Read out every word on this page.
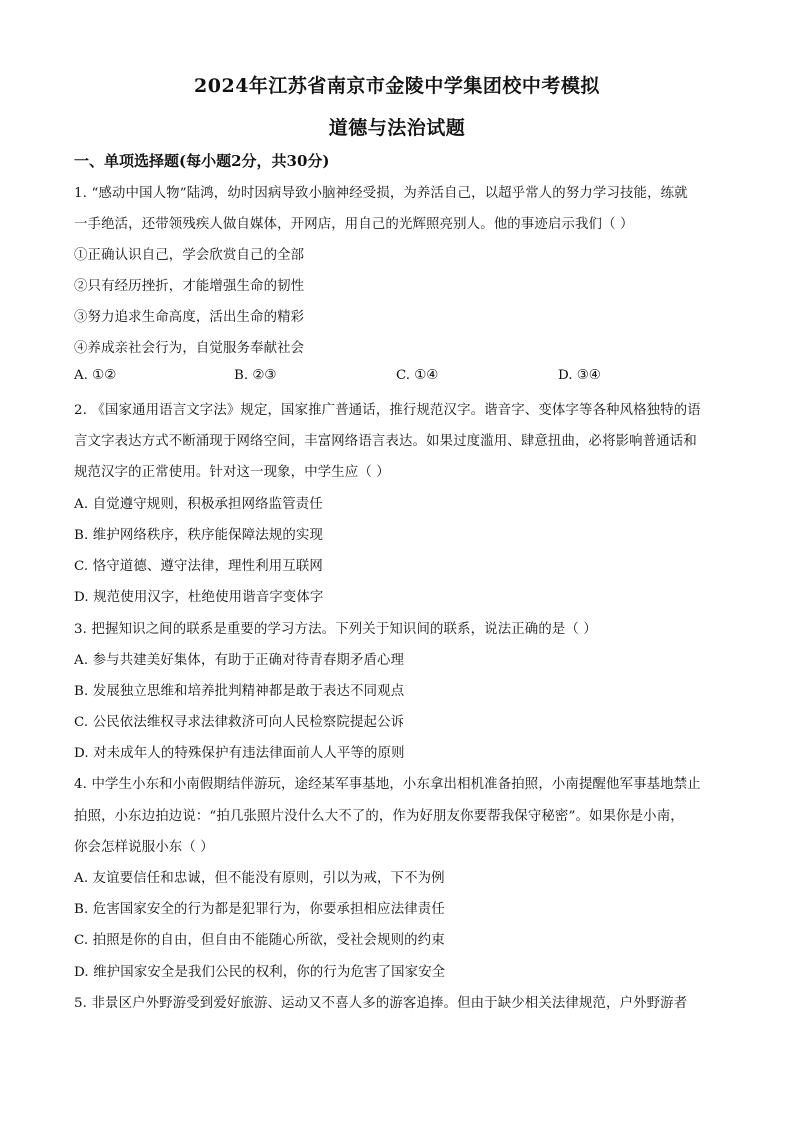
2024年江苏省南京市金陵中学集团校中考模拟
道德与法治试题
一、单项选择题(每小题2分，共30分)
1. “感动中国人物”陆鸿，幼时因病导致小脑神经受损，为养活自己，以超乎常人的努力学习技能，练就
一手绝活，还带领残疾人做自媒体，开网店，用自己的光辉照亮别人。他的事迹启示我们（ ）
①正确认识自己，学会欣赏自己的全部
②只有经历挫折，才能增强生命的韧性
③努力追求生命高度，活出生命的精彩
④养成亲社会行为，自觉服务奉献社会
A. ①②	B. ②③	C. ①④	D. ③④
2. 《国家通用语言文字法》规定，国家推广普通话，推行规范汉字。谐音字、变体字等各种风格独特的语
言文字表达方式不断涌现于网络空间，丰富网络语言表达。如果过度滥用、肆意扭曲，必将影响普通话和
规范汉字的正常使用。针对这一现象，中学生应（ ）
A. 自觉遵守规则，积极承担网络监管责任
B. 维护网络秩序，秩序能保障法规的实现
C. 恪守道德、遵守法律，理性利用互联网
D. 规范使用汉字，杜绝使用谐音字变体字
3. 把握知识之间的联系是重要的学习方法。下列关于知识间的联系，说法正确的是（ ）
A. 参与共建美好集体，有助于正确对待青春期矛盾心理
B. 发展独立思维和培养批判精神都是敢于表达不同观点
C. 公民依法维权寻求法律救济可向人民检察院提起公诉
D. 对未成年人的特殊保护有违法律面前人人平等的原则
4. 中学生小东和小南假期结伴游玩，途经某军事基地，小东拿出相机准备拍照，小南提醒他军事基地禁止
拍照，小东边拍边说：“拍几张照片没什么大不了的，作为好朋友你要帮我保守秘密”。如果你是小南，
你会怎样说服小东（ ）
A. 友谊要信任和忠诚，但不能没有原则，引以为戒，下不为例
B. 危害国家安全的行为都是犯罪行为，你要承担相应法律责任
C. 拍照是你的自由，但自由不能随心所欲，受社会规则的约束
D. 维护国家安全是我们公民的权利，你的行为危害了国家安全
5. 非景区户外野游受到爱好旅游、运动又不喜人多的游客追捧。但由于缺少相关法律规范，户外野游者
